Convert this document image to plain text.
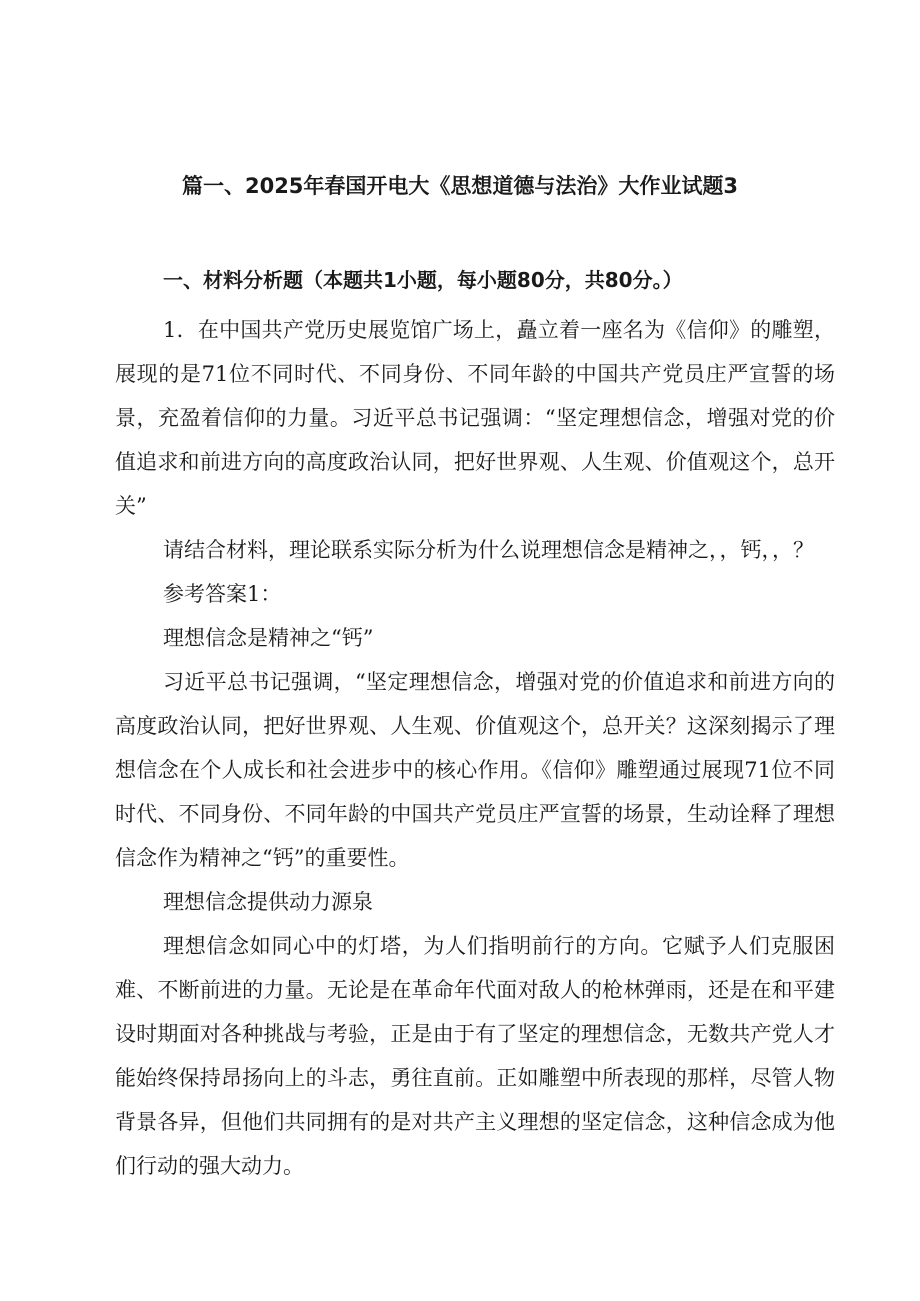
篇一、2025年春国开电大《思想道德与法治》大作业试题3
一、材料分析题（本题共1小题，每小题80分，共80分。）

1．在中国共产党历史展览馆广场上，矗立着一座名为《信仰》的雕塑，展现的是71位不同时代、不同身份、不同年龄的中国共产党员庄严宣誓的场景，充盈着信仰的力量。习近平总书记强调：“坚定理想信念，增强对党的价值追求和前进方向的高度政治认同，把好世界观、人生观、价值观这个，总开关”

请结合材料，理论联系实际分析为什么说理想信念是精神之，，钙，，？

参考答案1：

理想信念是精神之“钙”

习近平总书记强调，“坚定理想信念，增强对党的价值追求和前进方向的高度政治认同，把好世界观、人生观、价值观这个，总开关？这深刻揭示了理想信念在个人成长和社会进步中的核心作用。《信仰》雕塑通过展现71位不同时代、不同身份、不同年龄的中国共产党员庄严宣誓的场景，生动诠释了理想信念作为精神之“钙”的重要性。

理想信念提供动力源泉

理想信念如同心中的灯塔，为人们指明前行的方向。它赋予人们克服困难、不断前进的力量。无论是在革命年代面对敌人的枪林弹雨，还是在和平建设时期面对各种挑战与考验，正是由于有了坚定的理想信念，无数共产党人才能始终保持昂扬向上的斗志，勇往直前。正如雕塑中所表现的那样，尽管人物背景各异，但他们共同拥有的是对共产主义理想的坚定信念，这种信念成为他们行动的强大动力。
